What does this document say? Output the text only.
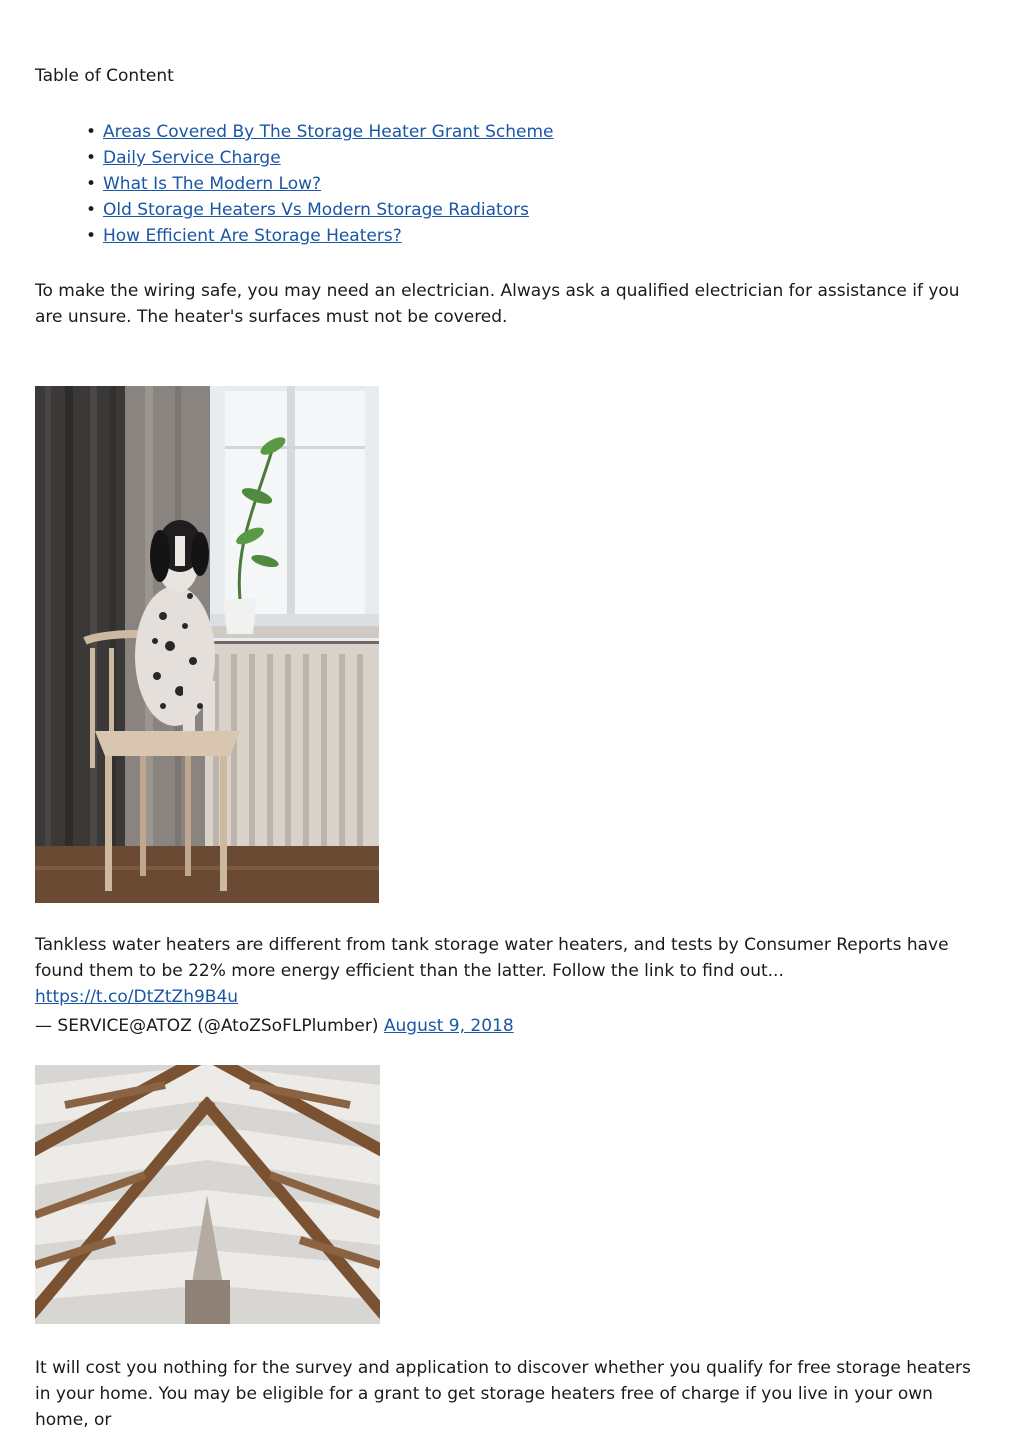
Table of Content
• Areas Covered By The Storage Heater Grant Scheme
• Daily Service Charge
• What Is The Modern Low?
• Old Storage Heaters Vs Modern Storage Radiators
• How Efficient Are Storage Heaters?

To make the wiring safe, you may need an electrician. Always ask a qualified electrician for assistance if you are unsure. The heater's surfaces must not be covered.

Tankless water heaters are different from tank storage water heaters, and tests by Consumer Reports have found them to be 22% more energy efficient than the latter. Follow the link to find out... https://t.co/DtZtZh9B4u

— SERVICE@ATOZ (@AtoZSoFLPlumber) August 9, 2018

It will cost you nothing for the survey and application to discover whether you qualify for free storage heaters in your home. You may be eligible for a grant to get storage heaters free of charge if you live in your own home, or
